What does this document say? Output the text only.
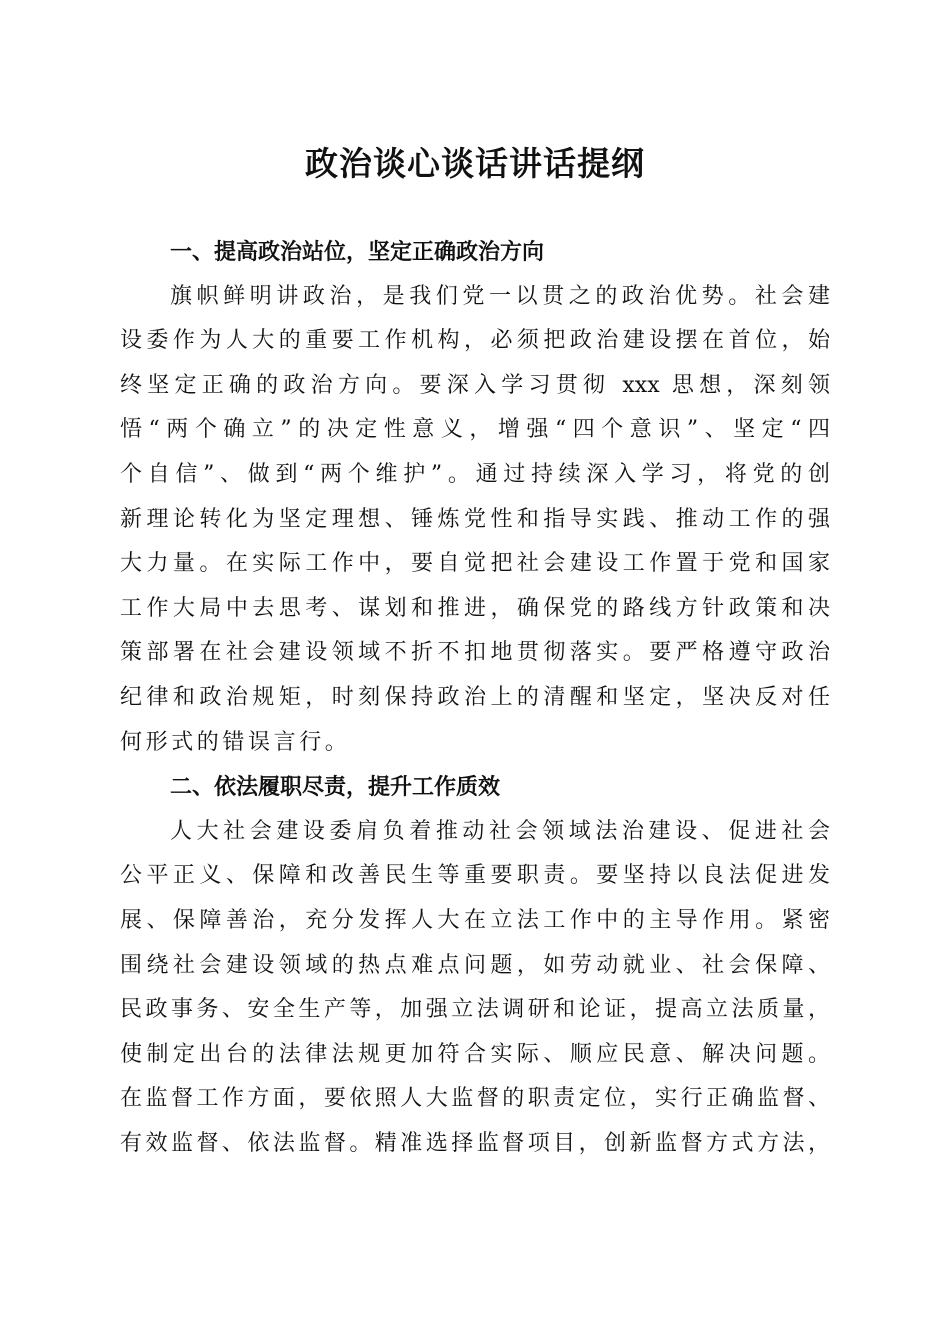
政治谈心谈话讲话提纲
一、提高政治站位，坚定正确政治方向
旗帜鲜明讲政治，是我们党一以贯之的政治优势。社会建
设委作为人大的重要工作机构，必须把政治建设摆在首位，始
终坚定正确的政治方向。要深入学习贯彻 xxx 思想，深刻领
悟“两个确立”的决定性意义，增强“四个意识”、坚定“四
个自信”、做到“两个维护”。通过持续深入学习，将党的创
新理论转化为坚定理想、锤炼党性和指导实践、推动工作的强
大力量。在实际工作中，要自觉把社会建设工作置于党和国家
工作大局中去思考、谋划和推进，确保党的路线方针政策和决
策部署在社会建设领域不折不扣地贯彻落实。要严格遵守政治
纪律和政治规矩，时刻保持政治上的清醒和坚定，坚决反对任
何形式的错误言行。
二、依法履职尽责，提升工作质效
人大社会建设委肩负着推动社会领域法治建设、促进社会
公平正义、保障和改善民生等重要职责。要坚持以良法促进发
展、保障善治，充分发挥人大在立法工作中的主导作用。紧密
围绕社会建设领域的热点难点问题，如劳动就业、社会保障、
民政事务、安全生产等，加强立法调研和论证，提高立法质量，
使制定出台的法律法规更加符合实际、顺应民意、解决问题。
在监督工作方面，要依照人大监督的职责定位，实行正确监督、
有效监督、依法监督。精准选择监督项目，创新监督方式方法，
